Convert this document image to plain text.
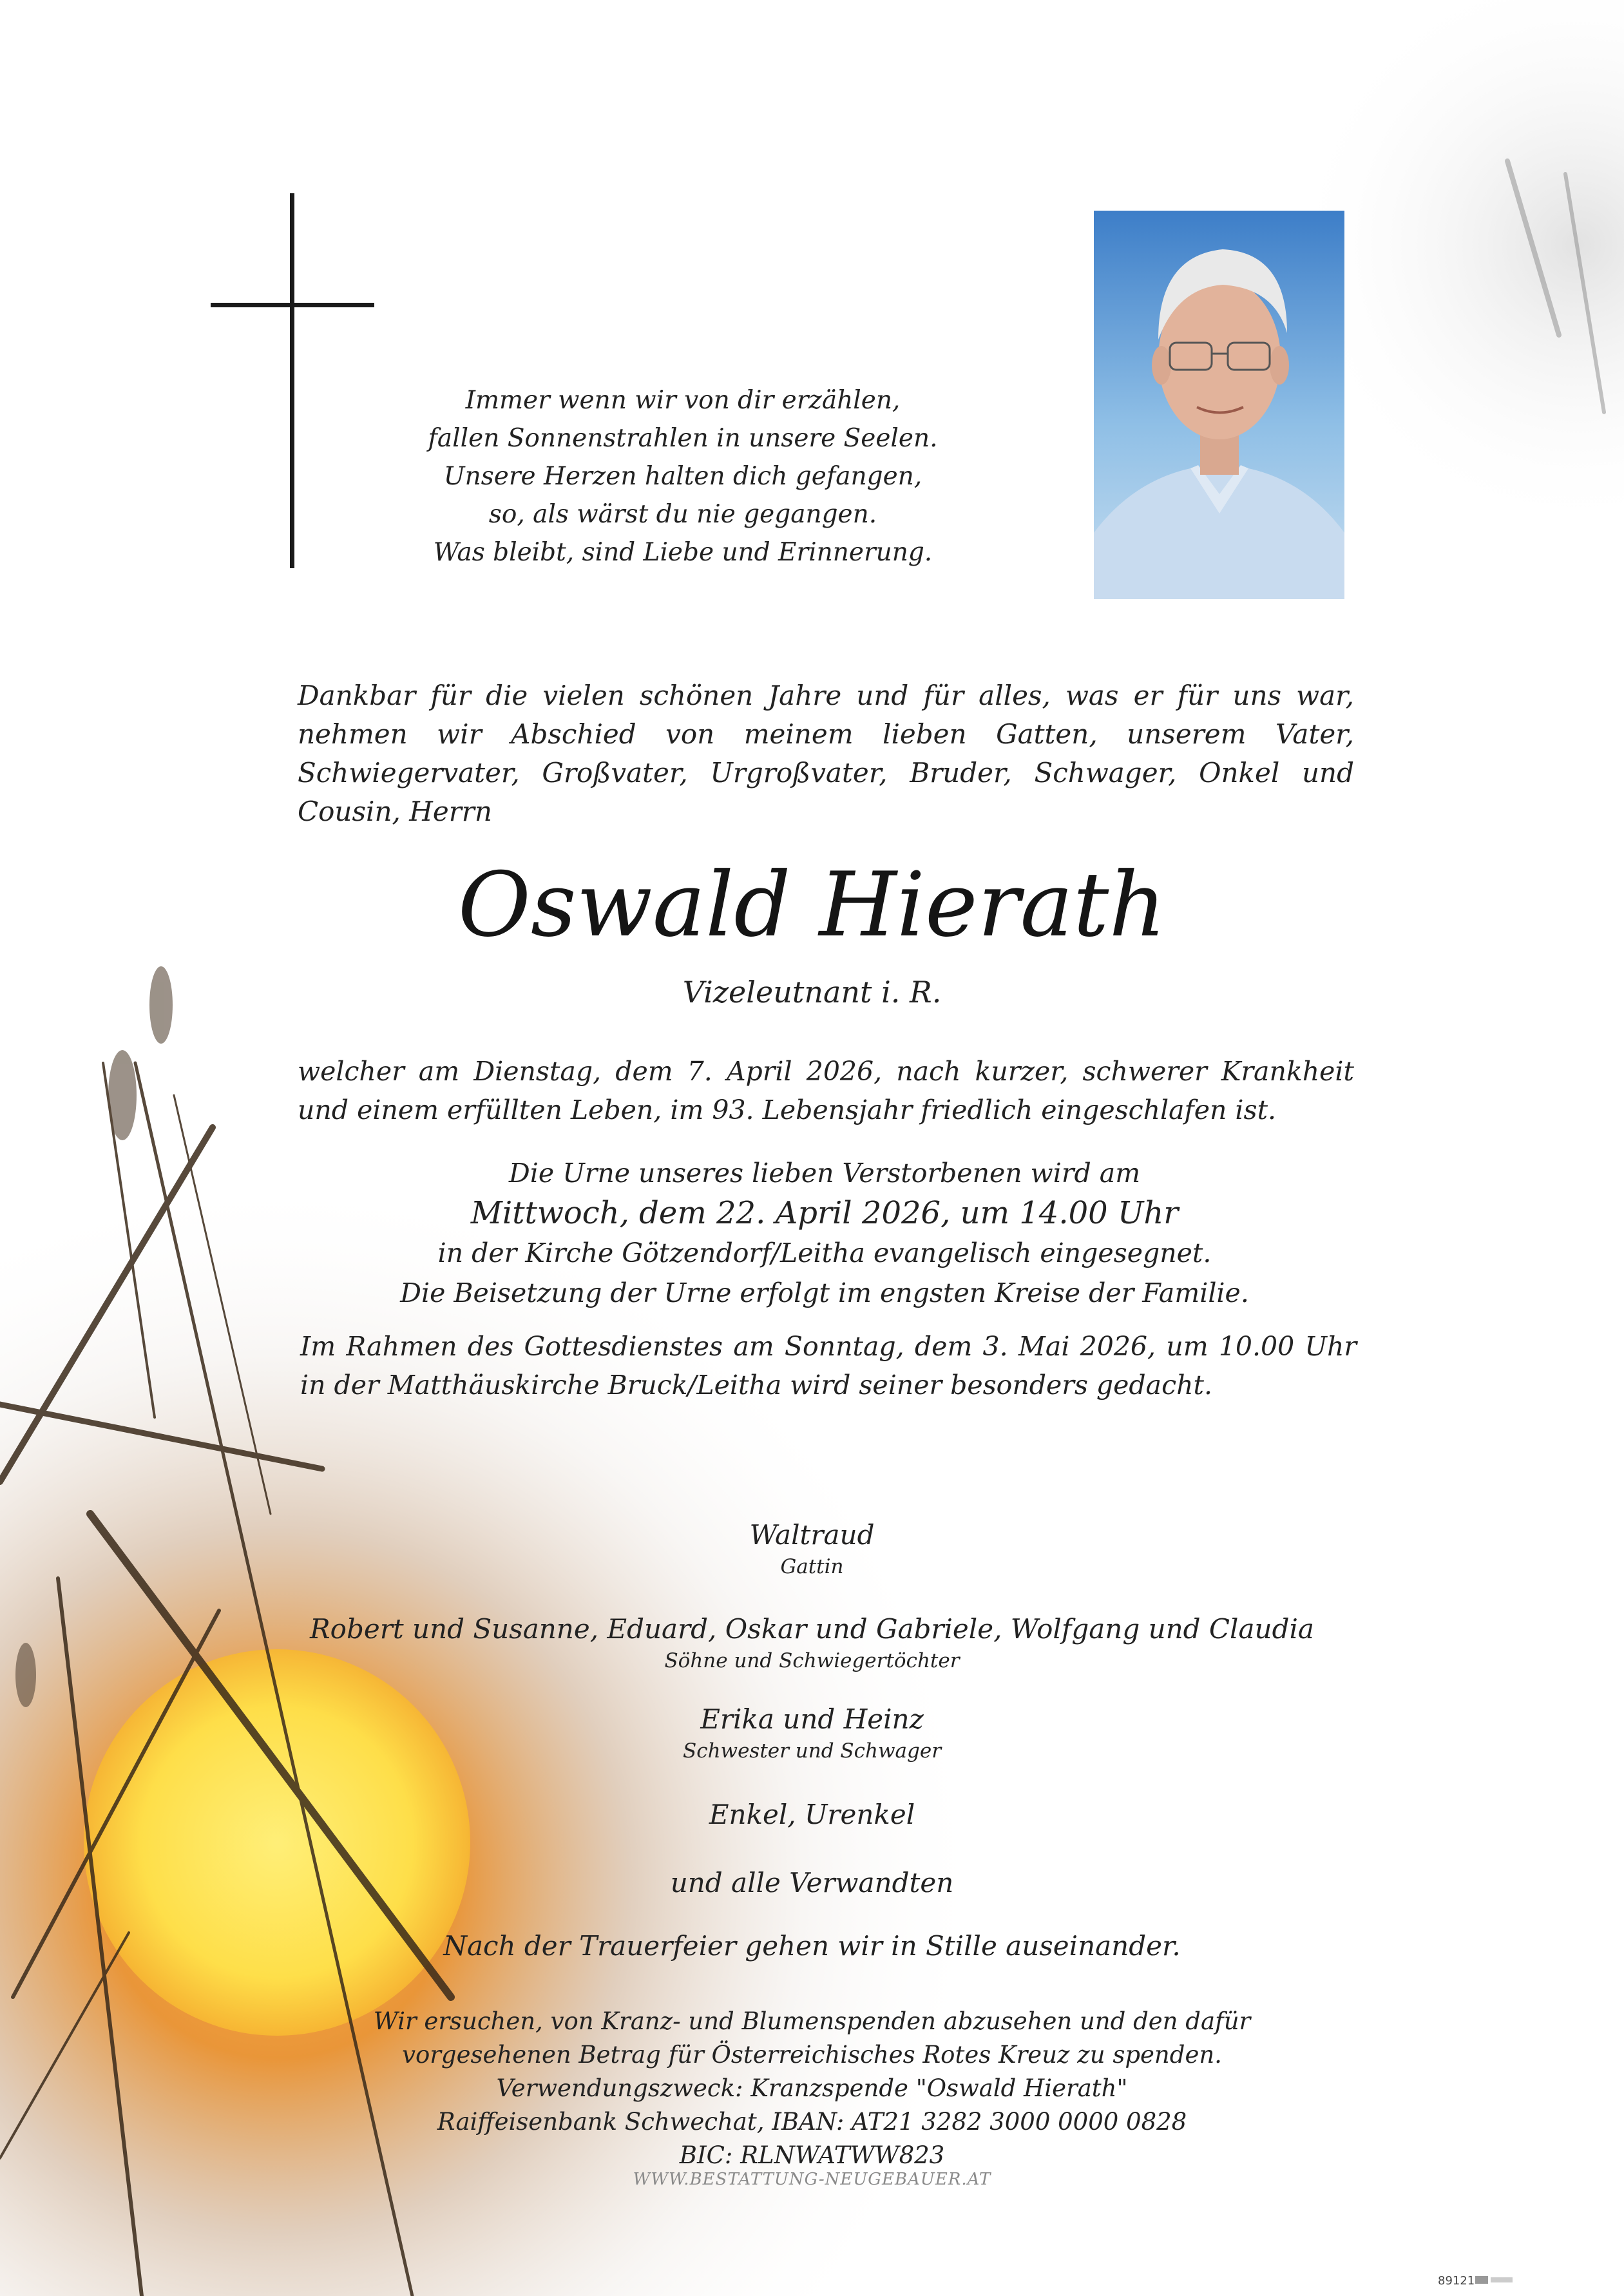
Immer wenn wir von dir erzählen,
fallen Sonnenstrahlen in unsere Seelen.
Unsere Herzen halten dich gefangen,
so, als wärst du nie gegangen.
Was bleibt, sind Liebe und Erinnerung.
Dankbar für die vielen schönen Jahre und für alles, was er für uns war, nehmen wir Abschied von meinem lieben Gatten, unserem Vater, Schwiegervater, Großvater, Urgroßvater, Bruder, Schwager, Onkel und Cousin, Herrn
Oswald Hierath
Vizeleutnant i. R.
welcher am Dienstag, dem 7. April 2026, nach kurzer, schwerer Krankheit und einem erfüllten Leben, im 93. Lebensjahr friedlich eingeschlafen ist.
Die Urne unseres lieben Verstorbenen wird am
Mittwoch, dem 22. April 2026, um 14.00 Uhr
in der Kirche Götzendorf/Leitha evangelisch eingesegnet.
Die Beisetzung der Urne erfolgt im engsten Kreise der Familie.
Im Rahmen des Gottesdienstes am Sonntag, dem 3. Mai 2026, um 10.00 Uhr in der Matthäuskirche Bruck/Leitha wird seiner besonders gedacht.
Waltraud
Gattin
Robert und Susanne, Eduard, Oskar und Gabriele, Wolfgang und Claudia
Söhne und Schwiegertöchter
Erika und Heinz
Schwester und Schwager
Enkel, Urenkel
und alle Verwandten
Nach der Trauerfeier gehen wir in Stille auseinander.
Wir ersuchen, von Kranz- und Blumenspenden abzusehen und den dafür
vorgesehenen Betrag für Österreichisches Rotes Kreuz zu spenden.
Verwendungszweck: Kranzspende "Oswald Hierath"
Raiffeisenbank Schwechat, IBAN: AT21 3282 3000 0000 0828
BIC: RLNWATWW823
WWW.BESTATTUNG-NEUGEBAUER.AT
89121
